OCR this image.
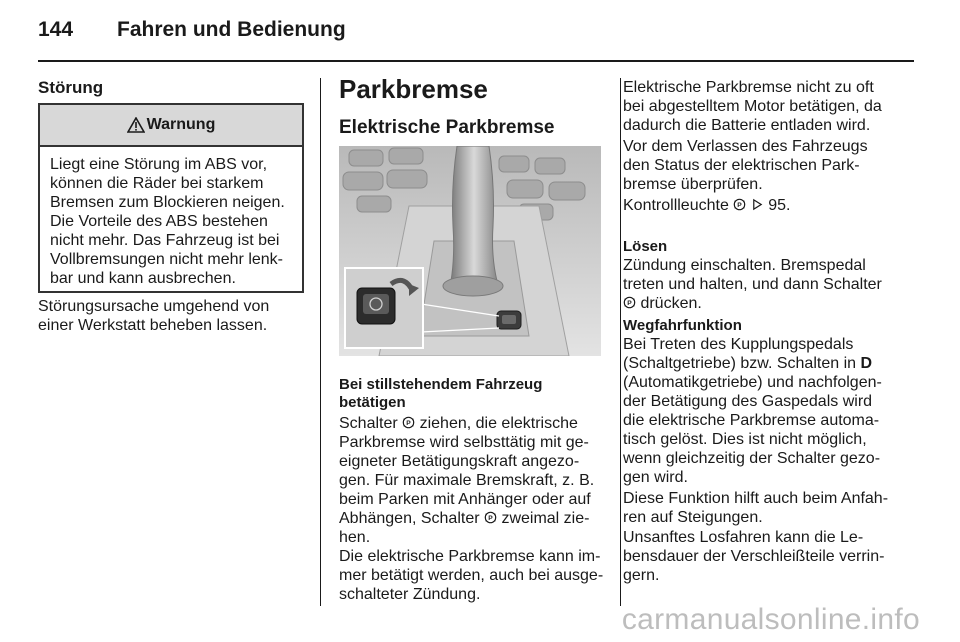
144 Fahren und Bedienung
Störung
Warnung
Liegt eine Störung im ABS vor,
können die Räder bei starkem
Bremsen zum Blockieren neigen.
Die Vorteile des ABS bestehen
nicht mehr. Das Fahrzeug ist bei
Vollbremsungen nicht mehr lenk-
bar und kann ausbrechen.
Störungsursache umgehend von
einer Werkstatt beheben lassen.
Parkbremse
Elektrische Parkbremse
Bei stillstehendem Fahrzeug
betätigen
Schalter P ziehen, die elektrische
Parkbremse wird selbsttätig mit ge-
eigneter Betätigungskraft angezo-
gen. Für maximale Bremskraft, z. B.
beim Parken mit Anhänger oder auf
Abhängen, Schalter P zweimal zie-
hen.
Die elektrische Parkbremse kann im-
mer betätigt werden, auch bei ausge-
schalteter Zündung.
Elektrische Parkbremse nicht zu oft
bei abgestelltem Motor betätigen, da
dadurch die Batterie entladen wird.
Vor dem Verlassen des Fahrzeugs
den Status der elektrischen Park-
bremse überprüfen.
Kontrollleuchte P 95.
Lösen
Zündung einschalten. Bremspedal
treten und halten, und dann Schalter
P drücken.
Wegfahrfunktion
Bei Treten des Kupplungspedals
(Schaltgetriebe) bzw. Schalten in D
(Automatikgetriebe) und nachfolgen-
der Betätigung des Gaspedals wird
die elektrische Parkbremse automa-
tisch gelöst. Dies ist nicht möglich,
wenn gleichzeitig der Schalter gezo-
gen wird.
Diese Funktion hilft auch beim Anfah-
ren auf Steigungen.
Unsanftes Losfahren kann die Le-
bensdauer der Verschleißteile verrin-
gern.
carmanualsonline.info
